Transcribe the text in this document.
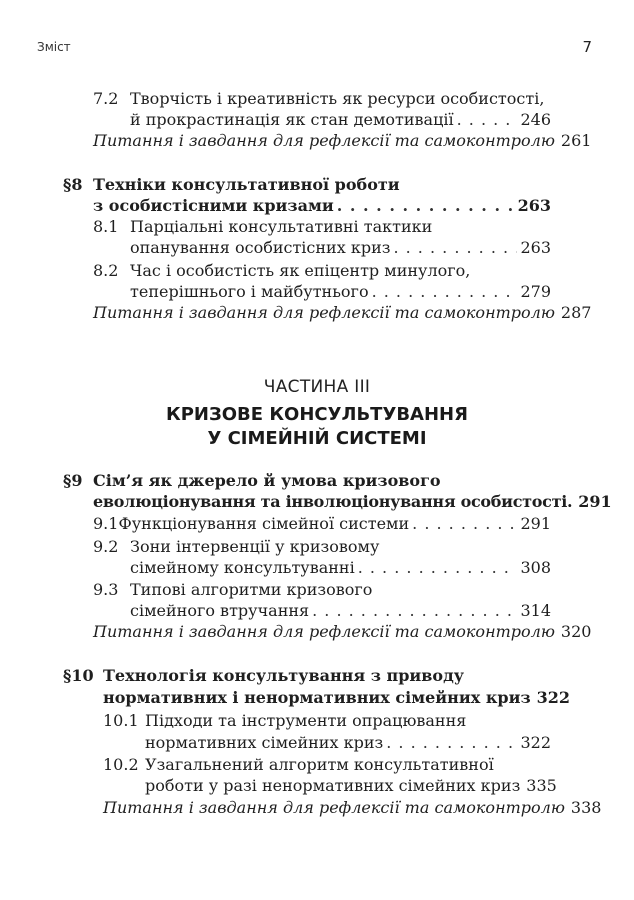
Зміст	7
7.2 Творчість і креативність як ресурси особистості,
й прокрастинація як стан демотивації . . .	246
Питання і завдання для рефлексії та самоконтролю 261
§8 Техніки консультативної роботи
з особистісними кризами . . .	263
8.1 Парціальні консультативні тактики
опанування особистісних криз . . .	263
8.2 Час і особистість як епіцентр минулого,
теперішнього і майбутнього . . .	279
Питання і завдання для рефлексії та самоконтролю 287
ЧАСТИНА III
КРИЗОВЕ КОНСУЛЬТУВАННЯ
У СІМЕЙНІЙ СИСТЕМІ
§9 Сім’я як джерело й умова кризового
еволюціонування та інволюціонування особистості. 291
9.1 Функціонування сімейної системи . . .	291
9.2 Зони інтервенції у кризовому
сімейному консультуванні . . .	308
9.3 Типові алгоритми кризового
сімейного втручання . . .	314
Питання і завдання для рефлексії та самоконтролю 320
§10 Технологія консультування з приводу
нормативних і ненормативних сімейних криз 322
10.1 Підходи та інструменти опрацювання
нормативних сімейних криз . . .	322
10.2 Узагальнений алгоритм консультативної
роботи у разі ненормативних сімейних криз 335
Питання і завдання для рефлексії та самоконтролю 338
